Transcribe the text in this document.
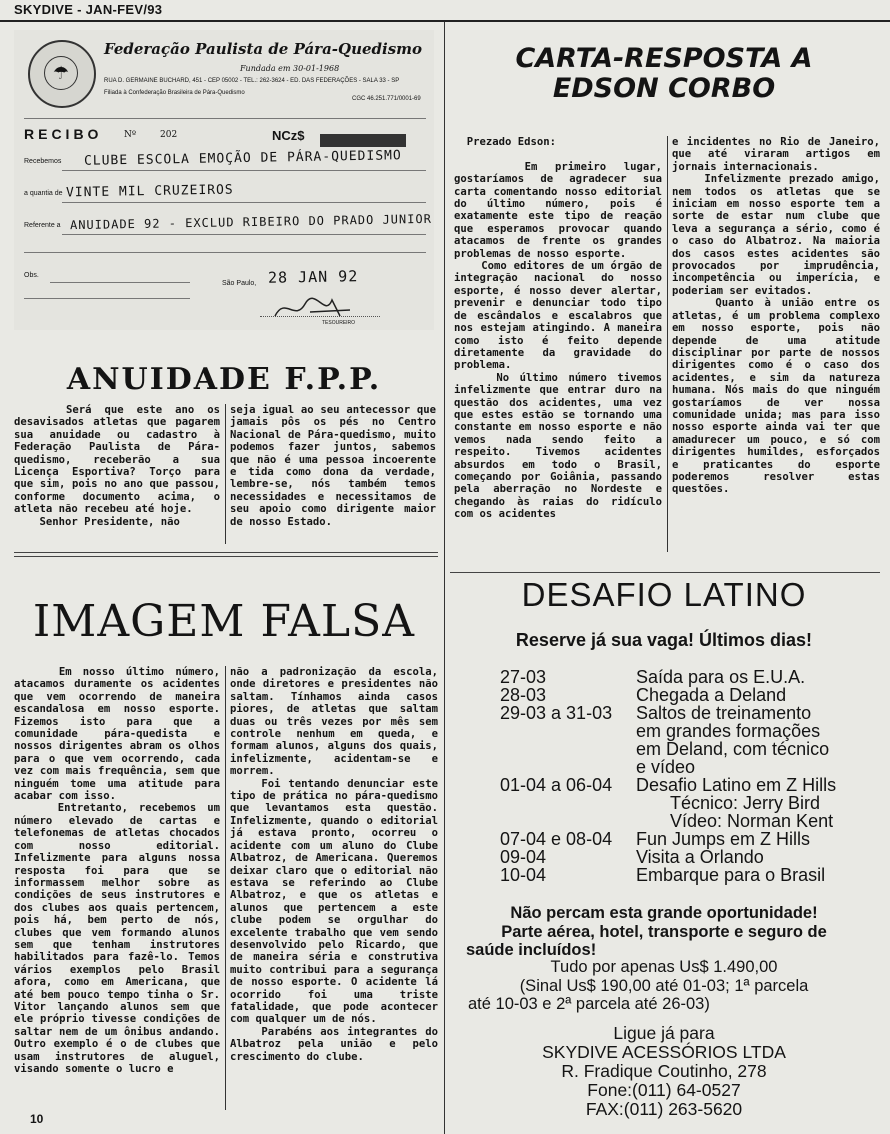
SKYDIVE - JAN-FEV/93
☂
Federação Paulista de Pára-Quedismo
Fundada em 30-01-1968
RUA D. GERMAINE BUCHARD, 451 - CEP 05002 - TEL.: 262-3624 - ED. DAS FEDERAÇÕES - SALA 33 - SP
Filiada à Confederação Brasileira de Pára-Quedismo
CGC 46.251.771/0001-69
RECIBO Nº	202	NCz$
Recebemos CLUBE ESCOLA EMOÇÃO DE PÁRA-QUEDISMO
a quantia de VINTE MIL CRUZEIROS
Referente a ANUIDADE 92 - EXCLUD RIBEIRO DO PRADO JUNIOR
Obs.
São Paulo, 28 JAN 92
TESOUREIRO
ANUIDADE F.P.P.
Será que este ano os desavisados atletas que pagarem sua anuidade ou cadastro à Federação Paulista de Pára-quedismo, receberão a sua Licença Esportiva? Torço para que sim, pois no ano que passou, conforme documento acima, o atleta não recebeu até hoje.
Senhor Presidente, não
seja igual ao seu antecessor que jamais pôs os pés no Centro Nacional de Pára-quedismo, muito podemos fazer juntos, sabemos que não é uma pessoa incoerente e tida como dona da verdade, lembre-se, nós também temos necessidades e necessitamos de seu apoio como dirigente maior de nosso Estado.
CARTA-RESPOSTA A
EDSON CORBO
Prezado Edson:

Em primeiro lugar, gostaríamos de agradecer sua carta comentando nosso editorial do último número, pois é exatamente este tipo de reação que esperamos provocar quando atacamos de frente os grandes problemas de nosso esporte.
Como editores de um órgão de integração nacional do nosso esporte, é nosso dever alertar, prevenir e denunciar todo tipo de escândalos e escalabros que nos estejam atingindo. A maneira como isto é feito depende diretamente da gravidade do problema.
No último número tivemos infelizmente que entrar duro na questão dos acidentes, uma vez que estes estão se tornando uma constante em nosso esporte e não vemos nada sendo feito a respeito. Tivemos acidentes absurdos em todo o Brasil, começando por Goiânia, passando pela aberração no Nordeste e chegando às raias do ridículo com os acidentes
e incidentes no Rio de Janeiro, que até viraram artigos em jornais internacionais.
Infelizmente prezado amigo, nem todos os atletas que se iniciam em nosso esporte tem a sorte de estar num clube que leva a segurança a sério, como é o caso do Albatroz. Na maioria dos casos estes acidentes são provocados por imprudência, incompetência ou imperícia, e poderiam ser evitados.
Quanto à união entre os atletas, é um problema complexo em nosso esporte, pois não depende de uma atitude disciplinar por parte de nossos dirigentes como é o caso dos acidentes, e sim da natureza humana. Nós mais do que ninguém gostaríamos de ver nossa comunidade unida; mas para isso nosso esporte ainda vai ter que amadurecer um pouco, e só com dirigentes humildes, esforçados e praticantes do esporte poderemos resolver estas questões.
IMAGEM FALSA
Em nosso último número, atacamos duramente os acidentes que vem ocorrendo de maneira escandalosa em nosso esporte. Fizemos isto para que a comunidade pára-quedista e nossos dirigentes abram os olhos para o que vem ocorrendo, cada vez com mais frequência, sem que ninguém tome uma atitude para acabar com isso.
Entretanto, recebemos um número elevado de cartas e telefonemas de atletas chocados com nosso editorial. Infelizmente para alguns nossa resposta foi para que se informassem melhor sobre as condições de seus instrutores e dos clubes aos quais pertencem, pois há, bem perto de nós, clubes que vem formando alunos sem que tenham instrutores habilitados para fazê-lo. Temos vários exemplos pelo Brasil afora, como em Americana, que até bem pouco tempo tinha o Sr. Vitor lançando alunos sem que ele próprio tivesse condições de saltar nem de um ônibus andando. Outro exemplo é o de clubes que usam instrutores de aluguel, visando somente o lucro e
não a padronização da escola, onde diretores e presidentes não saltam. Tínhamos ainda casos piores, de atletas que saltam duas ou três vezes por mês sem controle nenhum em queda, e formam alunos, alguns dos quais, infelizmente, acidentam-se e morrem.
Foi tentando denunciar este tipo de prática no pára-quedismo que levantamos esta questão. Infelizmente, quando o editorial já estava pronto, ocorreu o acidente com um aluno do Clube Albatroz, de Americana. Queremos deixar claro que o editorial não estava se referindo ao Clube Albatroz, e que os atletas e alunos que pertencem a este clube podem se orgulhar do excelente trabalho que vem sendo desenvolvido pelo Ricardo, que de maneira séria e construtiva muito contribui para a segurança de nosso esporte. O acidente lá ocorrido foi uma triste fatalidade, que pode acontecer com qualquer um de nós.
Parabéns aos integrantes do Albatroz pela união e pelo crescimento do clube.
DESAFIO LATINO
Reserve já sua vaga! Últimos dias!
27-03	Saída para os E.U.A.
28-03	Chegada a Deland
29-03 a 31-03 Saltos de treinamento
em grandes formações
em Deland, com técnico
e vídeo
01-04 a 06-04 Desafio Latino em Z Hills
Técnico: Jerry Bird
Vídeo: Norman Kent
07-04 e 08-04 Fun Jumps em Z Hills
09-04	Visita a Orlando
10-04	Embarque para o Brasil
Não percam esta grande oportunidade!
Parte aérea, hotel, transporte e seguro de
saúde incluídos!
Tudo por apenas Us$ 1.490,00
(Sinal Us$ 190,00 até 01-03; 1ª parcela
até 10-03 e 2ª parcela até 26-03)
Ligue já para
SKYDIVE ACESSÓRIOS LTDA
R. Fradique Coutinho, 278
Fone:(011) 64-0527
FAX:(011) 263-5620
10
